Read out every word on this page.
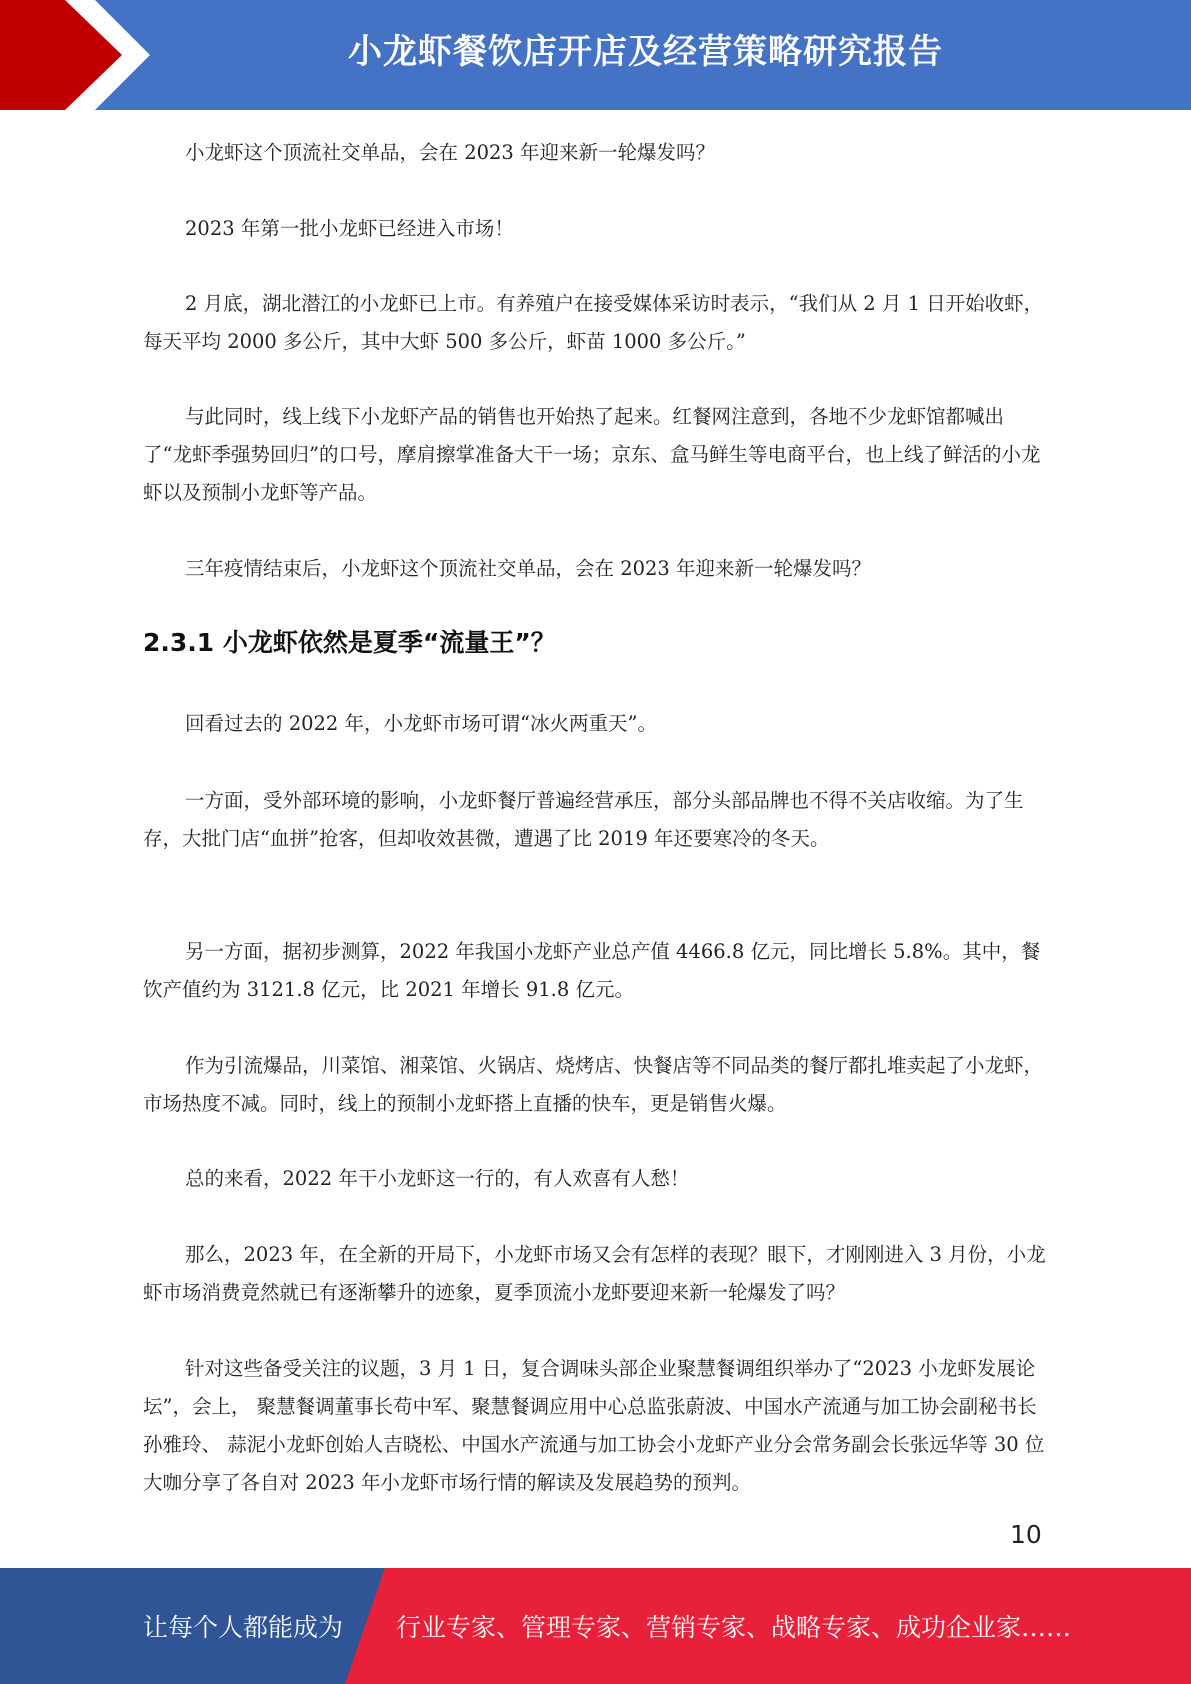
小龙虾餐饮店开店及经营策略研究报告

小龙虾这个顶流社交单品，会在 2023 年迎来新一轮爆发吗？

2023 年第一批小龙虾已经进入市场！

2 月底，湖北潜江的小龙虾已上市。有养殖户在接受媒体采访时表示，“我们从 2 月 1 日开始收虾，每天平均 2000 多公斤，其中大虾 500 多公斤，虾苗 1000 多公斤。”

与此同时，线上线下小龙虾产品的销售也开始热了起来。红餐网注意到，各地不少龙虾馆都喊出了“龙虾季强势回归”的口号，摩肩擦掌准备大干一场；京东、盒马鲜生等电商平台，也上线了鲜活的小龙虾以及预制小龙虾等产品。

三年疫情结束后，小龙虾这个顶流社交单品，会在 2023 年迎来新一轮爆发吗？

2.3.1 小龙虾依然是夏季“流量王”？

回看过去的 2022 年，小龙虾市场可谓“冰火两重天”。

一方面，受外部环境的影响，小龙虾餐厅普遍经营承压，部分头部品牌也不得不关店收缩。为了生存，大批门店“血拼”抢客，但却收效甚微，遭遇了比 2019 年还要寒冷的冬天。

另一方面，据初步测算，2022 年我国小龙虾产业总产值 4466.8 亿元，同比增长 5.8%。其中，餐饮产值约为 3121.8 亿元，比 2021 年增长 91.8 亿元。

作为引流爆品，川菜馆、湘菜馆、火锅店、烧烤店、快餐店等不同品类的餐厅都扎堆卖起了小龙虾，市场热度不减。同时，线上的预制小龙虾搭上直播的快车，更是销售火爆。

总的来看，2022 年干小龙虾这一行的，有人欢喜有人愁！

那么，2023 年，在全新的开局下，小龙虾市场又会有怎样的表现？眼下，才刚刚进入 3 月份，小龙虾市场消费竟然就已有逐渐攀升的迹象，夏季顶流小龙虾要迎来新一轮爆发了吗？

针对这些备受关注的议题，3 月 1 日，复合调味头部企业聚慧餐调组织举办了“2023 小龙虾发展论坛”，会上， 聚慧餐调董事长苟中军、聚慧餐调应用中心总监张蔚波、中国水产流通与加工协会副秘书长孙雅玲、 蒜泥小龙虾创始人吉晓松、中国水产流通与加工协会小龙虾产业分会常务副会长张远华等 30 位大咖分享了各自对 2023 年小龙虾市场行情的解读及发展趋势的预判。

10
让每个人都能成为 行业专家、管理专家、营销专家、战略专家、成功企业家……
